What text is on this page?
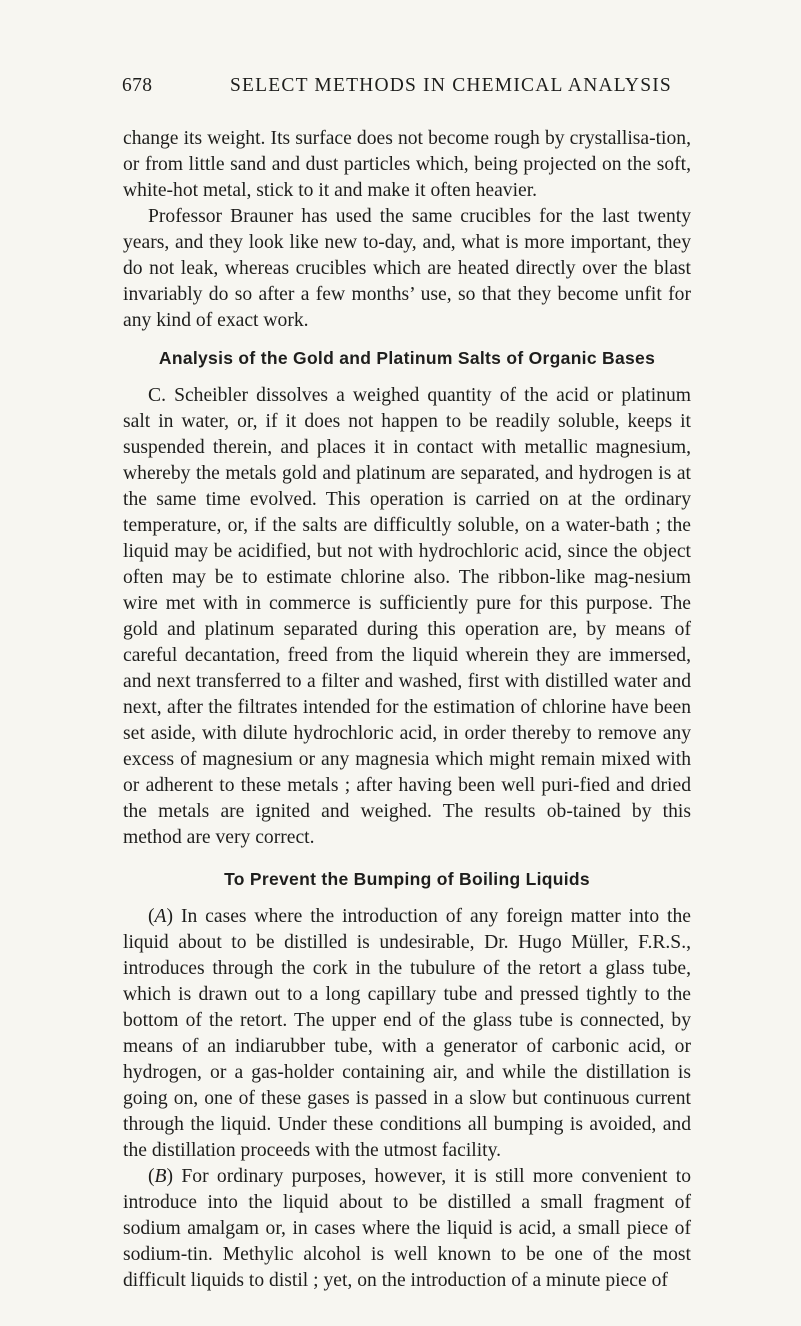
678	SELECT METHODS IN CHEMICAL ANALYSIS

change its weight. Its surface does not become rough by crystallisa-tion, or from little sand and dust particles which, being projected on the soft, white-hot metal, stick to it and make it often heavier.

Professor Brauner has used the same crucibles for the last twenty years, and they look like new to-day, and, what is more important, they do not leak, whereas crucibles which are heated directly over the blast invariably do so after a few months’ use, so that they become unfit for any kind of exact work.

Analysis of the Gold and Platinum Salts of Organic Bases

C. Scheibler dissolves a weighed quantity of the acid or platinum salt in water, or, if it does not happen to be readily soluble, keeps it suspended therein, and places it in contact with metallic magnesium, whereby the metals gold and platinum are separated, and hydrogen is at the same time evolved. This operation is carried on at the ordinary temperature, or, if the salts are difficultly soluble, on a water-bath ; the liquid may be acidified, but not with hydrochloric acid, since the object often may be to estimate chlorine also. The ribbon-like mag-nesium wire met with in commerce is sufficiently pure for this purpose. The gold and platinum separated during this operation are, by means of careful decantation, freed from the liquid wherein they are immersed, and next transferred to a filter and washed, first with distilled water and next, after the filtrates intended for the estimation of chlorine have been set aside, with dilute hydrochloric acid, in order thereby to remove any excess of magnesium or any magnesia which might remain mixed with or adherent to these metals ; after having been well puri-fied and dried the metals are ignited and weighed. The results ob-tained by this method are very correct.

To Prevent the Bumping of Boiling Liquids

(A) In cases where the introduction of any foreign matter into the liquid about to be distilled is undesirable, Dr. Hugo Müller, F.R.S., introduces through the cork in the tubulure of the retort a glass tube, which is drawn out to a long capillary tube and pressed tightly to the bottom of the retort. The upper end of the glass tube is connected, by means of an indiarubber tube, with a generator of carbonic acid, or hydrogen, or a gas-holder containing air, and while the distillation is going on, one of these gases is passed in a slow but continuous current through the liquid. Under these conditions all bumping is avoided, and the distillation proceeds with the utmost facility.

(B) For ordinary purposes, however, it is still more convenient to introduce into the liquid about to be distilled a small fragment of sodium amalgam or, in cases where the liquid is acid, a small piece of sodium-tin. Methylic alcohol is well known to be one of the most difficult liquids to distil ; yet, on the introduction of a minute piece of
